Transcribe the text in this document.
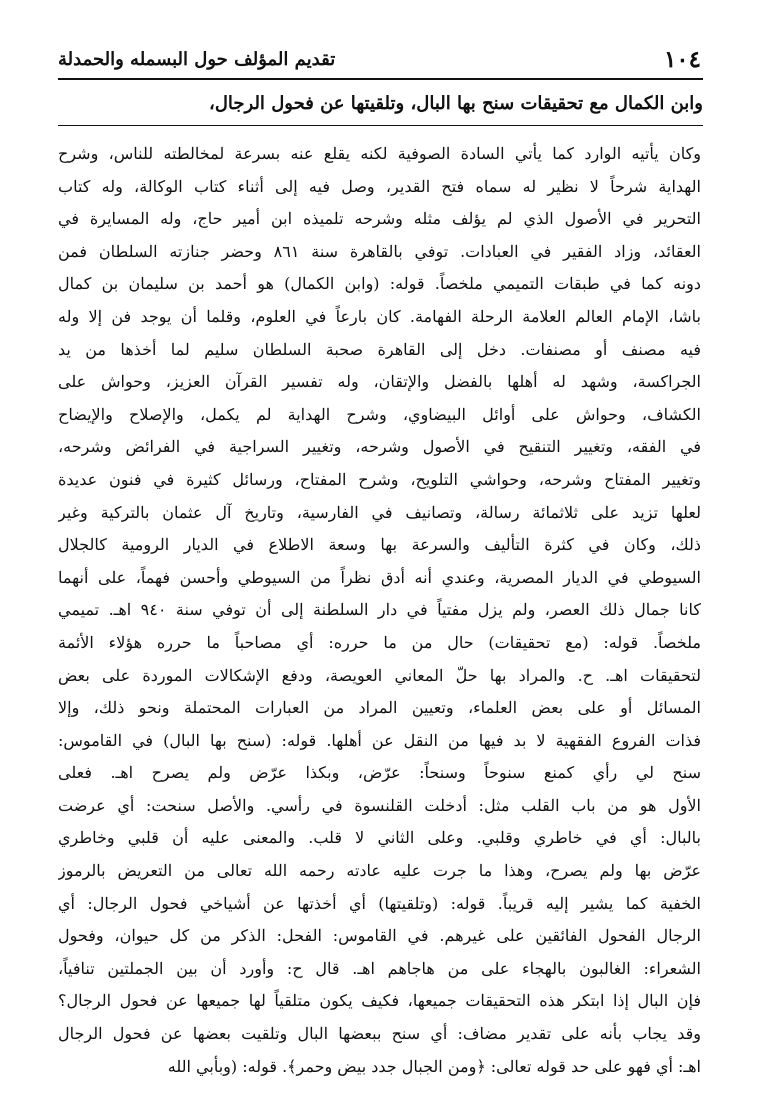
١٠٤
تقديم المؤلف حول البسمله والحمدلة
وابن الكمال مع تحقيقات سنح بها البال، وتلقيتها عن فحول الرجال،
وكان يأتيه الوارد كما يأتي السادة الصوفية لكنه يقلع عنه بسرعة لمخالطته للناس، وشرح
الهداية شرحاً لا نظير له سماه فتح القدير، وصل فيه إلى أثناء كتاب الوكالة، وله كتاب
التحرير في الأصول الذي لم يؤلف مثله وشرحه تلميذه ابن أمير حاج، وله المسايرة في
العقائد، وزاد الفقير في العبادات. توفي بالقاهرة سنة ٨٦١ وحضر جنازته السلطان فمن
دونه كما في طبقات التميمي ملخصاً. قوله: (وابن الكمال) هو أحمد بن سليمان بن كمال
باشا، الإمام العالم العلامة الرحلة الفهامة. كان بارعاً في العلوم، وقلما أن يوجد فن إلا وله
فيه مصنف أو مصنفات. دخل إلى القاهرة صحبة السلطان سليم لما أخذها من يد
الجراكسة، وشهد له أهلها بالفضل والإتقان، وله تفسير القرآن العزيز، وحواش على
الكشاف، وحواش على أوائل البيضاوي، وشرح الهداية لم يكمل، والإصلاح والإيضاح
في الفقه، وتغيير التنقيح في الأصول وشرحه، وتغيير السراجية في الفرائض وشرحه،
وتغيير المفتاح وشرحه، وحواشي التلويح، وشرح المفتاح، ورسائل كثيرة في فنون عديدة
لعلها تزيد على ثلاثمائة رسالة، وتصانيف في الفارسية، وتاريخ آل عثمان بالتركية وغير
ذلك، وكان في كثرة التأليف والسرعة بها وسعة الاطلاع في الديار الرومية كالجلال
السيوطي في الديار المصرية، وعندي أنه أدق نظراً من السيوطي وأحسن فهماً، على أنهما
كانا جمال ذلك العصر، ولم يزل مفتياً في دار السلطنة إلى أن توفي سنة ٩٤٠ اهـ. تميمي
ملخصاً. قوله: (مع تحقيقات) حال من ما حرره: أي مصاحباً ما حرره هؤلاء الأئمة
لتحقيقات اهـ. ح. والمراد بها حلّ المعاني العويصة، ودفع الإشكالات الموردة على بعض
المسائل أو على بعض العلماء، وتعيين المراد من العبارات المحتملة ونحو ذلك، وإلا
فذات الفروع الفقهية لا بد فيها من النقل عن أهلها. قوله: (سنح بها البال) في القاموس:
سنح لي رأي كمنع سنوحاً وسنحاً: عرّض، وبكذا عرّض ولم يصرح اهـ. فعلى
الأول هو من باب القلب مثل: أدخلت القلنسوة في رأسي. والأصل سنحت: أي عرضت
بالبال: أي في خاطري وقلبي. وعلى الثاني لا قلب. والمعنى عليه أن قلبي وخاطري
عرّض بها ولم يصرح، وهذا ما جرت عليه عادته رحمه الله تعالى من التعريض بالرموز
الخفية كما يشير إليه قريباً. قوله: (وتلقيتها) أي أخذتها عن أشياخي فحول الرجال: أي
الرجال الفحول الفائقين على غيرهم. في القاموس: الفحل: الذكر من كل حيوان، وفحول
الشعراء: الغالبون بالهجاء على من هاجاهم اهـ. قال ح: وأورد أن بين الجملتين تنافياً،
فإن البال إذا ابتكر هذه التحقيقات جميعها، فكيف يكون متلقياً لها جميعها عن فحول الرجال؟
وقد يجاب بأنه على تقدير مضاف: أي سنح ببعضها البال وتلقيت بعضها عن فحول الرجال
اهـ: أي فهو على حد قوله تعالى: ﴿ومن الجبال جدد بيض وحمر﴾. قوله: (وبأبي الله
